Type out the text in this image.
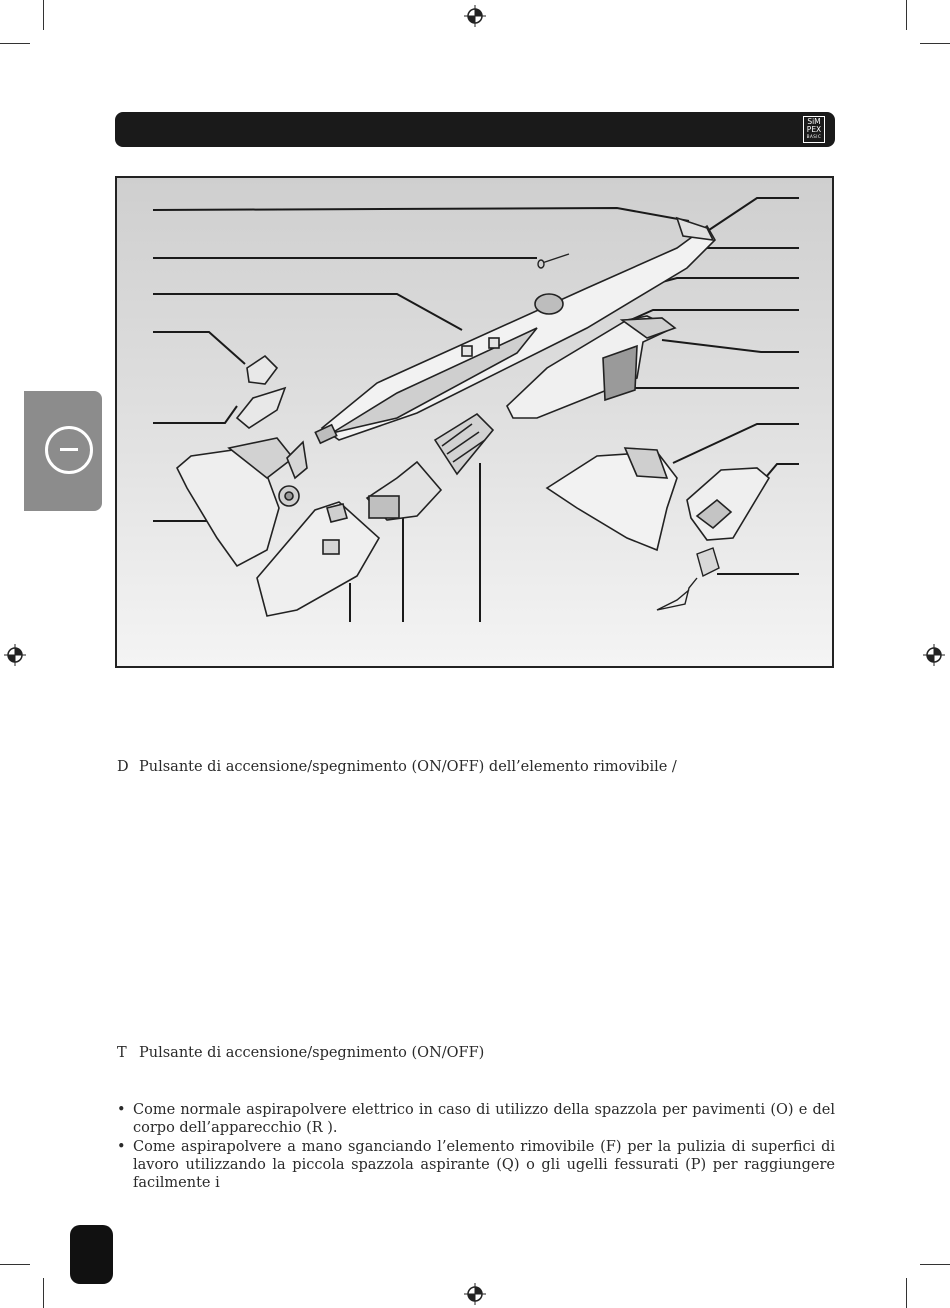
SiM
PEX
BASIC
D Pulsante di accensione/spegnimento (ON/OFF) dell’elemento rimovibile /
T Pulsante di accensione/spegnimento (ON/OFF)

• Come normale aspirapolvere elettrico in caso di utilizzo della spazzola per pavimenti (O) e del corpo dell’apparecchio (R ).

• Come aspirapolvere a mano sganciando l’elemento rimovibile (F) per la pulizia di superfici di lavoro utilizzando la piccola spazzola aspirante (Q) o gli ugelli fessurati (P) per raggiungere facilmente i
